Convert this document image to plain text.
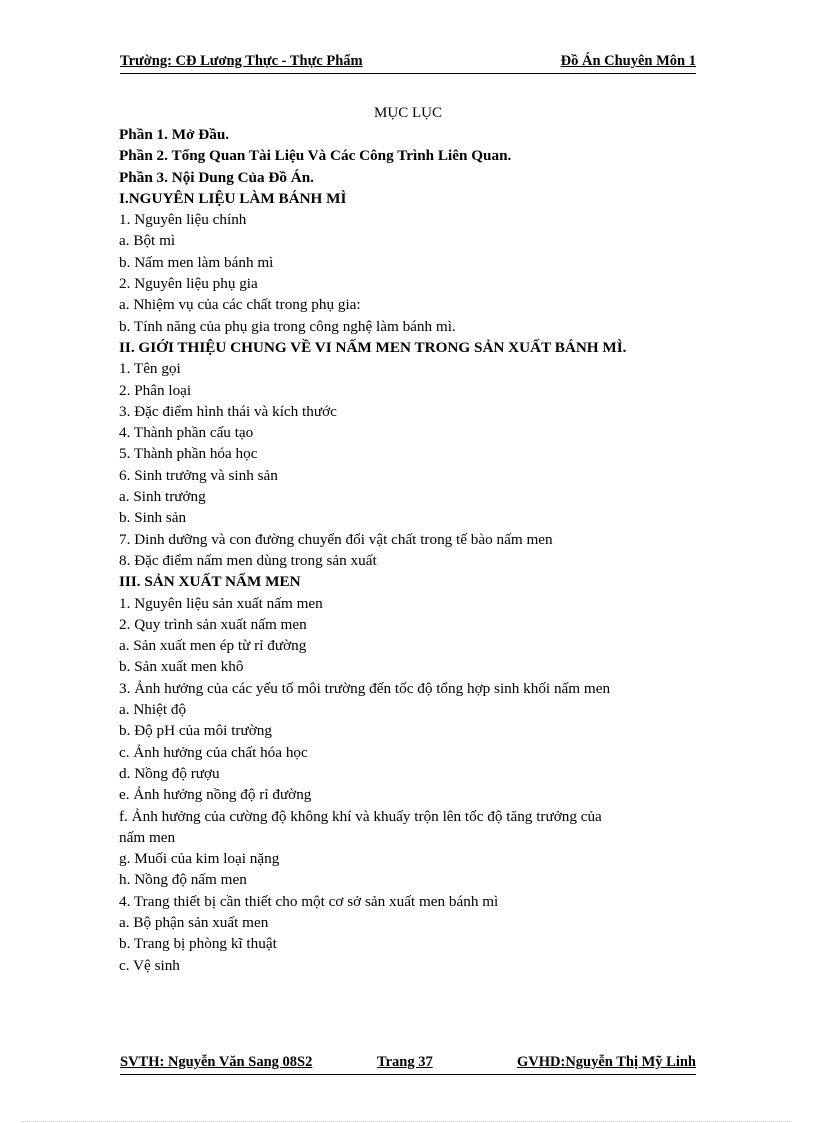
Trường: CĐ Lương Thực - Thực Phẩm	Đồ Án Chuyên Môn 1
MỤC LỤC
Phần 1. Mở Đầu.
Phần 2. Tổng Quan Tài Liệu Và Các Công Trình Liên Quan.
Phần 3. Nội Dung Của Đồ Án.
I.NGUYÊN LIỆU LÀM BÁNH MÌ
1. Nguyên liệu chính
a. Bột mì
b. Nấm men làm bánh mì
2. Nguyên liệu phụ gia
a. Nhiệm vụ của các chất trong phụ gia:
b. Tính năng của phụ gia trong công nghệ làm bánh mì.
II. GIỚI THIỆU CHUNG VỀ VI NẤM MEN TRONG SẢN XUẤT BÁNH MÌ.
1. Tên gọi
2. Phân loại
3. Đặc điểm hình thái và kích thước
4. Thành phần cấu tạo
5. Thành phần hóa học
6. Sinh trưởng và sinh sản
a. Sinh trưởng
b. Sinh sản
7. Dinh dưỡng và con đường chuyển đổi vật chất trong tế bào nấm men
8. Đặc điểm nấm men dùng trong sản xuất
III. SẢN XUẤT NẤM MEN
1. Nguyên liệu sản xuất nấm men
2. Quy trình sản xuất nấm men
a. Sản xuất men ép từ rỉ đường
b. Sản xuất men khô
3. Ảnh hưởng của các yếu tố môi trường đến tốc độ tổng hợp sinh khối nấm men
a. Nhiệt độ
b. Độ pH của môi trường
c. Ảnh hưởng của chất hóa học
d. Nồng độ rượu
e. Ảnh hưởng nồng độ rỉ đường
f. Ảnh hưởng của cường độ không khí và khuấy trộn lên tốc độ tăng trưởng của nấm men
g. Muối của kim loại nặng
h. Nồng độ nấm men
4. Trang thiết bị cần thiết cho một cơ sở sản xuất men bánh mì
a. Bộ phận sản xuất men
b. Trang bị phòng kĩ thuật
c. Vệ sinh
SVTH: Nguyễn Văn Sang 08S2	Trang 37	GVHD:Nguyễn Thị Mỹ Linh
